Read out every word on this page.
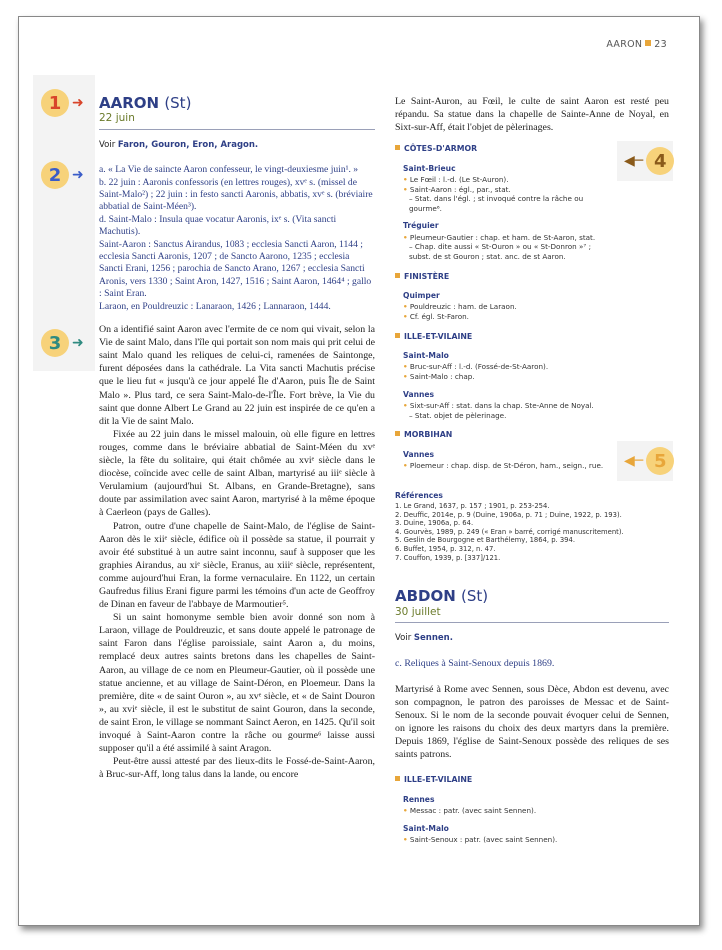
AARON 23
1 ➜
2 ➜
3 ➜
◀─ 4
◀─ 5
AARON (St)
22 juin
Voir Faron, Gouron, Eron, Aragon.
a. « La Vie de saincte Aaron confesseur, le vingt-deuxiesme juin¹. »
b. 22 juin : Aaronis confessoris (en lettres rouges), xvᵉ s. (missel de Saint-Malo²) ; 22 juin : in festo sancti Aaronis, abbatis, xvᵉ s. (bréviaire abbatial de Saint-Méen³).
d. Saint-Malo : Insula quae vocatur Aaronis, ixᵉ s. (Vita sancti Machutis).
Saint-Aaron : Sanctus Airandus, 1083 ; ecclesia Sancti Aaron, 1144 ; ecclesia Sancti Aaronis, 1207 ; de Sancto Aarono, 1235 ; ecclesia Sancti Erani, 1256 ; parochia de Sancto Arano, 1267 ; ecclesia Sancti Aronis, vers 1330 ; Saint Aron, 1427, 1516 ; Saint Aaron, 1464⁴ ; gallo : Saint Eran.
Laraon, en Pouldreuzic : Lanaraon, 1426 ; Lannaraon, 1444.

On a identifié saint Aaron avec l'ermite de ce nom qui vivait, selon la Vie de saint Malo, dans l'île qui portait son nom mais qui prit celui de saint Malo quand les reliques de celui-ci, ramenées de Saintonge, furent déposées dans la cathédrale. La Vita sancti Machutis précise que le lieu fut « jusqu'à ce jour appelé Île d'Aaron, puis Île de Saint Malo ». Plus tard, ce sera Saint-Malo-de-l'Île. Fort brève, la Vie du saint que donne Albert Le Grand au 22 juin est inspirée de ce qu'en a dit la Vie de saint Malo.

Fixée au 22 juin dans le missel malouin, où elle figure en lettres rouges, comme dans le bréviaire abbatial de Saint-Méen du xvᵉ siècle, la fête du solitaire, qui était chômée au xviᵉ siècle dans le diocèse, coïncide avec celle de saint Alban, martyrisé au iiiᵉ siècle à Verulamium (aujourd'hui St. Albans, en Grande-Bretagne), sans doute par assimilation avec saint Aaron, martyrisé à la même époque à Caerleon (pays de Galles).

Patron, outre d'une chapelle de Saint-Malo, de l'église de Saint-Aaron dès le xiiᵉ siècle, édifice où il possède sa statue, il pourrait y avoir été substitué à un autre saint inconnu, sauf à supposer que les graphies Airandus, au xiᵉ siècle, Eranus, au xiiiᵉ siècle, représentent, comme aujourd'hui Eran, la forme vernaculaire. En 1122, un certain Gaufredus filius Erani figure parmi les témoins d'un acte de Geoffroy de Dinan en faveur de l'abbaye de Marmoutier⁵.

Si un saint homonyme semble bien avoir donné son nom à Laraon, village de Pouldreuzic, et sans doute appelé le patronage de saint Faron dans l'église paroissiale, saint Aaron a, du moins, remplacé deux autres saints bretons dans les chapelles de Saint-Aaron, au village de ce nom en Pleumeur-Gautier, où il possède une statue ancienne, et au village de Saint-Déron, en Ploemeur. Dans la première, dite « de saint Ouron », au xvᵉ siècle, et « de Saint Douron », au xviᵉ siècle, il est le substitut de saint Gouron, dans la seconde, de saint Eron, le village se nommant Sainct Aeron, en 1425. Qu'il soit invoqué à Saint-Aaron contre la râche ou gourme⁶ laisse aussi supposer qu'il a été assimilé à saint Aragon.

Peut-être aussi attesté par des lieux-dits le Fossé-de-Saint-Aaron, à Bruc-sur-Aff, long talus dans la lande, ou encore

Le Saint-Auron, au Fœil, le culte de saint Aaron est resté peu répandu. Sa statue dans la chapelle de Sainte-Anne de Noyal, en Sixt-sur-Aff, était l'objet de pèlerinages.
CÔTES-D'ARMOR
Saint-Brieuc
• Le Fœil : l.-d. (Le St-Auron).
• Saint-Aaron : égl., par., stat.
– Stat. dans l'égl. ; st invoqué contre la râche ou gourme⁶.
Tréguier
• Pleumeur-Gautier : chap. et ham. de St-Aaron, stat.
– Chap. dite aussi « St-Ouron » ou « St-Donron »⁷ ; subst. de st Gouron ; stat. anc. de st Aaron.
FINISTÈRE
Quimper
• Pouldreuzic : ham. de Laraon.
• Cf. égl. St-Faron.
ILLE-ET-VILAINE
Saint-Malo
• Bruc-sur-Aff : l.-d. (Fossé-de-St-Aaron).
• Saint-Malo : chap.
Vannes
• Sixt-sur-Aff : stat. dans la chap. Ste-Anne de Noyal.
– Stat. objet de pèlerinage.
MORBIHAN
Vannes
• Ploemeur : chap. disp. de St-Déron, ham., seign., rue.
Références
1. Le Grand, 1637, p. 157 ; 1901, p. 253-254.
2. Deuffic, 2014e, p. 9 (Duine, 1906a, p. 71 ; Duine, 1922, p. 193).
3. Duine, 1906a, p. 64.
4. Gourvès, 1989, p. 249 (« Eran » barré, corrigé manuscritement).
5. Geslin de Bourgogne et Barthélemy, 1864, p. 394.
6. Buffet, 1954, p. 312, n. 47.
7. Couffon, 1939, p. [337]/121.
ABDON (St)
30 juillet
Voir Sennen.
c. Reliques à Saint-Senoux depuis 1869.
Martyrisé à Rome avec Sennen, sous Dèce, Abdon est devenu, avec son compagnon, le patron des paroisses de Messac et de Saint-Senoux. Si le nom de la seconde pouvait évoquer celui de Sennen, on ignore les raisons du choix des deux martyrs dans la première. Depuis 1869, l'église de Saint-Senoux possède des reliques de ses saints patrons.
ILLE-ET-VILAINE
Rennes
• Messac : patr. (avec saint Sennen).
Saint-Malo
• Saint-Senoux : patr. (avec saint Sennen).
